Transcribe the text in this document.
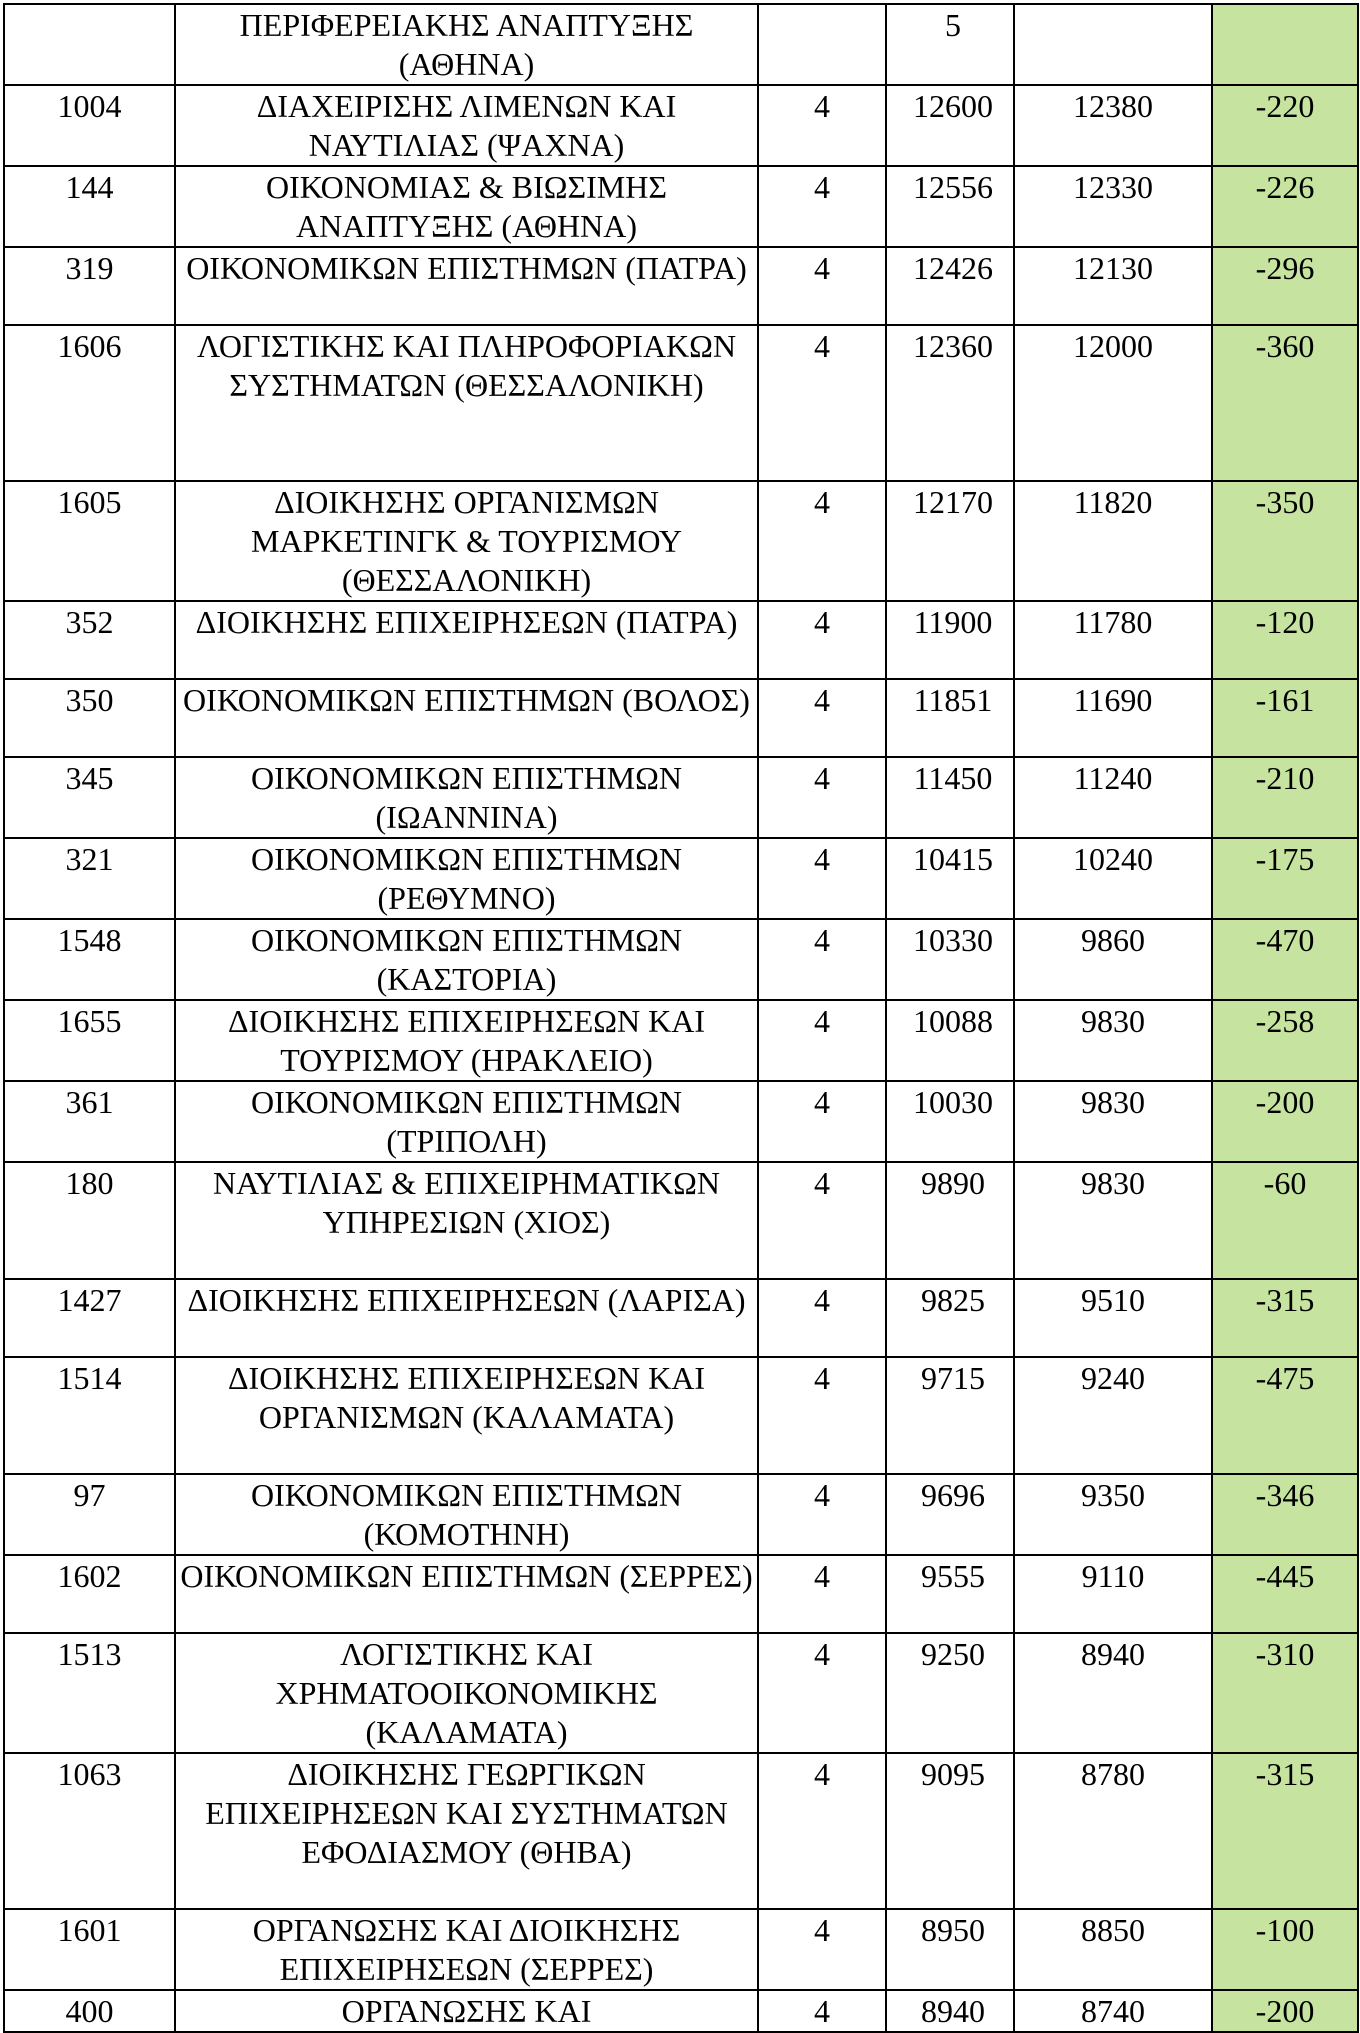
	ΠΕΡΙΦΕΡΕΙΑΚΗΣ ΑΝΑΠΤΥΞΗΣ (ΑΘΗΝΑ)		5		
1004	ΔΙΑΧΕΙΡΙΣΗΣ ΛΙΜΕΝΩΝ ΚΑΙ ΝΑΥΤΙΛΙΑΣ (ΨΑΧΝΑ)	4	12600	12380	-220
144	ΟΙΚΟΝΟΜΙΑΣ & ΒΙΩΣΙΜΗΣ ΑΝΑΠΤΥΞΗΣ (ΑΘΗΝΑ)	4	12556	12330	-226
319	ΟΙΚΟΝΟΜΙΚΩΝ ΕΠΙΣΤΗΜΩΝ (ΠΑΤΡΑ)	4	12426	12130	-296
1606	ΛΟΓΙΣΤΙΚΗΣ ΚΑΙ ΠΛΗΡΟΦΟΡΙΑΚΩΝ ΣΥΣΤΗΜΑΤΩΝ (ΘΕΣΣΑΛΟΝΙΚΗ)	4	12360	12000	-360
1605	ΔΙΟΙΚΗΣΗΣ ΟΡΓΑΝΙΣΜΩΝ ΜΑΡΚΕΤΙΝΓΚ & ΤΟΥΡΙΣΜΟΥ (ΘΕΣΣΑΛΟΝΙΚΗ)	4	12170	11820	-350
352	ΔΙΟΙΚΗΣΗΣ ΕΠΙΧΕΙΡΗΣΕΩΝ (ΠΑΤΡΑ)	4	11900	11780	-120
350	ΟΙΚΟΝΟΜΙΚΩΝ ΕΠΙΣΤΗΜΩΝ (ΒΟΛΟΣ)	4	11851	11690	-161
345	ΟΙΚΟΝΟΜΙΚΩΝ ΕΠΙΣΤΗΜΩΝ (ΙΩΑΝΝΙΝΑ)	4	11450	11240	-210
321	ΟΙΚΟΝΟΜΙΚΩΝ ΕΠΙΣΤΗΜΩΝ (ΡΕΘΥΜΝΟ)	4	10415	10240	-175
1548	ΟΙΚΟΝΟΜΙΚΩΝ ΕΠΙΣΤΗΜΩΝ (ΚΑΣΤΟΡΙΑ)	4	10330	9860	-470
1655	ΔΙΟΙΚΗΣΗΣ ΕΠΙΧΕΙΡΗΣΕΩΝ ΚΑΙ ΤΟΥΡΙΣΜΟΥ (ΗΡΑΚΛΕΙΟ)	4	10088	9830	-258
361	ΟΙΚΟΝΟΜΙΚΩΝ ΕΠΙΣΤΗΜΩΝ (ΤΡΙΠΟΛΗ)	4	10030	9830	-200
180	ΝΑΥΤΙΛΙΑΣ & ΕΠΙΧΕΙΡΗΜΑΤΙΚΩΝ ΥΠΗΡΕΣΙΩΝ (ΧΙΟΣ)	4	9890	9830	-60
1427	ΔΙΟΙΚΗΣΗΣ ΕΠΙΧΕΙΡΗΣΕΩΝ (ΛΑΡΙΣΑ)	4	9825	9510	-315
1514	ΔΙΟΙΚΗΣΗΣ ΕΠΙΧΕΙΡΗΣΕΩΝ ΚΑΙ ΟΡΓΑΝΙΣΜΩΝ (ΚΑΛΑΜΑΤΑ)	4	9715	9240	-475
97	ΟΙΚΟΝΟΜΙΚΩΝ ΕΠΙΣΤΗΜΩΝ (ΚΟΜΟΤΗΝΗ)	4	9696	9350	-346
1602	ΟΙΚΟΝΟΜΙΚΩΝ ΕΠΙΣΤΗΜΩΝ (ΣΕΡΡΕΣ)	4	9555	9110	-445
1513	ΛΟΓΙΣΤΙΚΗΣ ΚΑΙ ΧΡΗΜΑΤΟΟΙΚΟΝΟΜΙΚΗΣ (ΚΑΛΑΜΑΤΑ)	4	9250	8940	-310
1063	ΔΙΟΙΚΗΣΗΣ ΓΕΩΡΓΙΚΩΝ ΕΠΙΧΕΙΡΗΣΕΩΝ ΚΑΙ ΣΥΣΤΗΜΑΤΩΝ ΕΦΟΔΙΑΣΜΟΥ (ΘΗΒΑ)	4	9095	8780	-315
1601	ΟΡΓΑΝΩΣΗΣ ΚΑΙ ΔΙΟΙΚΗΣΗΣ ΕΠΙΧΕΙΡΗΣΕΩΝ (ΣΕΡΡΕΣ)	4	8950	8850	-100
400	ΟΡΓΑΝΩΣΗΣ ΚΑΙ	4	8940	8740	-200
